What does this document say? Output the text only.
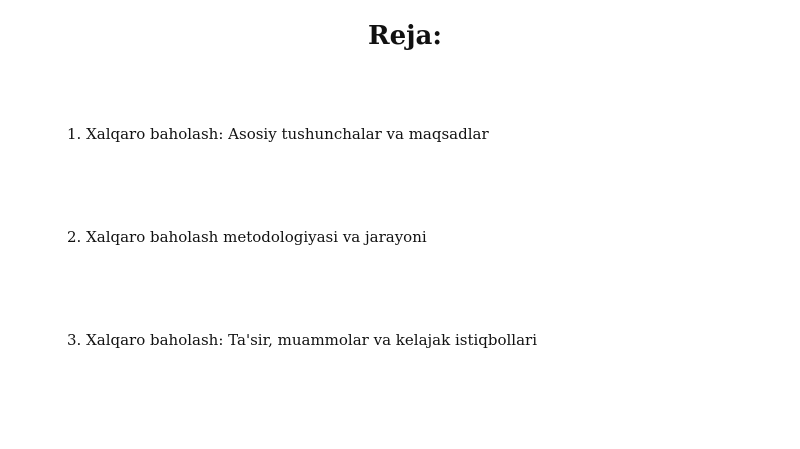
Reja:
1. Xalqaro baholash: Asosiy tushunchalar va maqsadlar
2. Xalqaro baholash metodologiyasi va jarayoni
3. Xalqaro baholash: Ta'sir, muammolar va kelajak istiqbollari
